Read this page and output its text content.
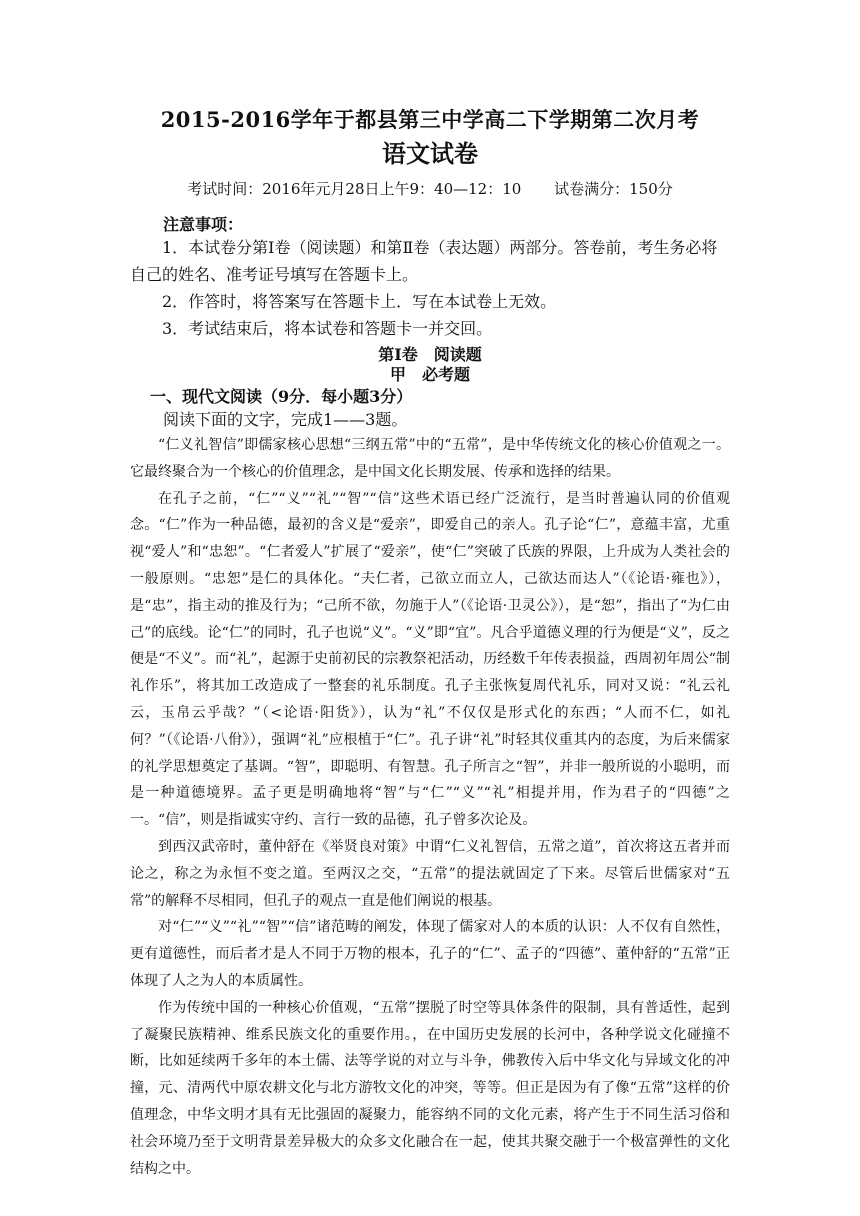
2015-2016学年于都县第三中学高二下学期第二次月考
语文试卷
考试时间：2016年元月28日上午9：40—12：10 试卷满分：150分
注意事项：
1．本试卷分第Ⅰ卷（阅读题）和第Ⅱ卷（表达题）两部分。答卷前，考生务必将自己的姓名、准考证号填写在答题卡上。
2．作答时，将答案写在答题卡上．写在本试卷上无效。
3．考试结束后，将本试卷和答题卡一并交回。
第Ⅰ卷　阅读题
甲　必考题
一、现代文阅读（9分．每小题3分）
阅读下面的文字，完成1——3题。

“仁义礼智信”即儒家核心思想“三纲五常”中的“五常”，是中华传统文化的核心价值观之一。它最终聚合为一个核心的价值理念，是中国文化长期发展、传承和选择的结果。

在孔子之前，“仁”“义”“礼”“智”“信”这些术语已经广泛流行，是当时普遍认同的价值观念。“仁”作为一种品德，最初的含义是“爱亲”，即爱自己的亲人。孔子论“仁”，意蕴丰富，尤重视“爱人”和“忠恕”。“仁者爱人”扩展了“爱亲”，使“仁”突破了氏族的界限，上升成为人类社会的一般原则。“忠恕”是仁的具体化。“夫仁者，己欲立而立人，己欲达而达人”（《论语·雍也》），是“忠”，指主动的推及行为；“己所不欲，勿施于人”（《论语·卫灵公》），是“恕”，指出了“为仁由己”的底线。论“仁”的同时，孔子也说“义”。“义”即“宜”。凡合乎道德义理的行为便是“义”，反之便是“不义”。而“礼”，起源于史前初民的宗教祭祀活动，历经数千年传表损益，西周初年周公“制礼作乐”，将其加工改造成了一整套的礼乐制度。孔子主张恢复周代礼乐，同对又说：“礼云礼云，玉帛云乎哉？”（<论语·阳货》），认为“礼”不仅仅是形式化的东西；“人而不仁，如礼何？”（《论语·八佾》），强调“礼”应根植于“仁”。孔子讲“礼”时轻其仪重其内的态度，为后来儒家的礼学思想奠定了基调。“智”，即聪明、有智慧。孔子所言之“智”，并非一般所说的小聪明，而是一种道德境界。孟子更是明确地将“智”与“仁”“义”“礼”相提并用，作为君子的“四德”之一。“信”，则是指诚实守约、言行一致的品德，孔子曾多次论及。

到西汉武帝时，董仲舒在《举贤良对策》中谓“仁义礼智信，五常之道”，首次将这五者并而论之，称之为永恒不变之道。至两汉之交，“五常”的提法就固定了下来。尽管后世儒家对“五常”的解释不尽相同，但孔子的观点一直是他们阐说的根基。

对“仁”“义”“礼”“智”“信”诸范畴的阐发，体现了儒家对人的本质的认识：人不仅有自然性，更有道德性，而后者才是人不同于万物的根本，孔子的“仁”、孟子的“四德”、董仲舒的“五常”正体现了人之为人的本质属性。

作为传统中国的一种核心价值观，“五常”摆脱了时空等具体条件的限制，具有普适性，起到了凝聚民族精神、维系民族文化的重要作用。，在中国历史发展的长河中，各种学说文化碰撞不断，比如延续两千多年的本土儒、法等学说的对立与斗争，佛教传入后中华文化与异域文化的冲撞，元、清两代中原农耕文化与北方游牧文化的冲突，等等。但正是因为有了像“五常”这样的价值理念，中华文明才具有无比强固的凝聚力，能容纳不同的文化元素，将产生于不同生活习俗和社会环境乃至于文明背景差异极大的众多文化融合在一起，使其共聚交融于一个极富弹性的文化结构之中。
